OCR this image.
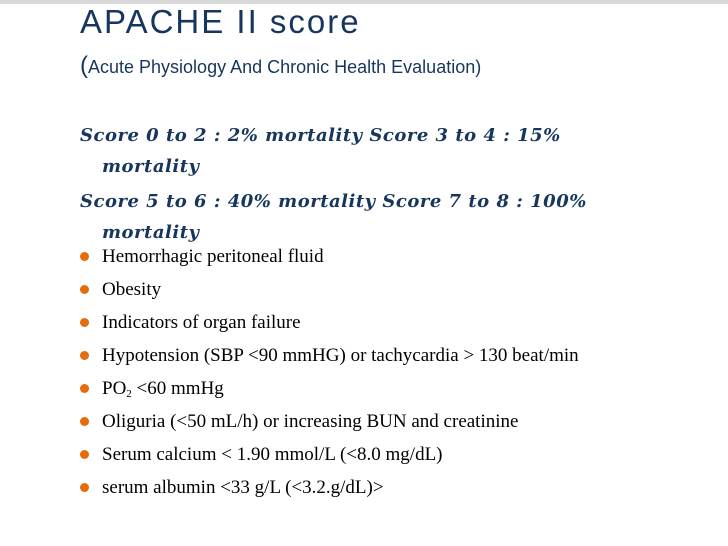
APACHE II score
(Acute Physiology And Chronic Health Evaluation)

Score 0 to 2 : 2% mortality Score 3 to 4 : 15% mortality

Score 5 to 6 : 40% mortality Score 7 to 8 : 100% mortality

Hemorrhagic peritoneal fluid
Obesity
Indicators of organ failure
Hypotension (SBP <90 mmHG) or tachycardia > 130 beat/min
$PO_2 <60$ mmHg
Oliguria (<50 mL/h) or increasing BUN and creatinine
Serum calcium < 1.90 mmol/L (<8.0 mg/dL)
serum albumin <33 g/L (<3.2.g/dL)>
